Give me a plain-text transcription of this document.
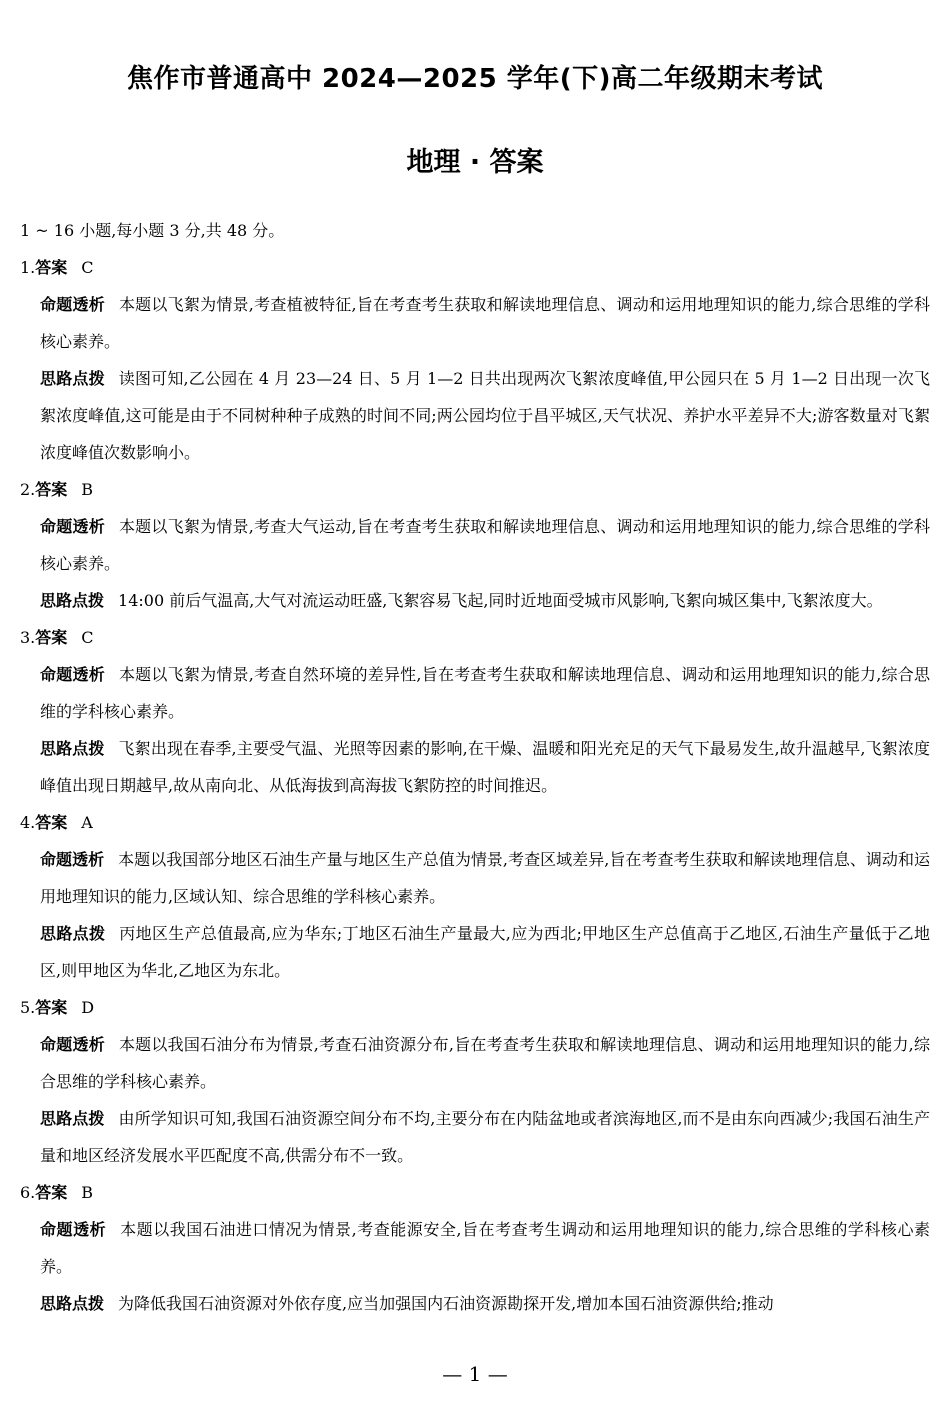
焦作市普通高中 2024—2025 学年(下)高二年级期末考试
地理 · 答案
1 ~ 16 小题,每小题 3 分,共 48 分。
1.答案 C
命题透析 本题以飞絮为情景,考查植被特征,旨在考查考生获取和解读地理信息、调动和运用地理知识的能力,综合思维的学科核心素养。
思路点拨 读图可知,乙公园在 4 月 23—24 日、5 月 1—2 日共出现两次飞絮浓度峰值,甲公园只在 5 月 1—2 日出现一次飞絮浓度峰值,这可能是由于不同树种种子成熟的时间不同;两公园均位于昌平城区,天气状况、养护水平差异不大;游客数量对飞絮浓度峰值次数影响小。
2.答案 B
命题透析 本题以飞絮为情景,考查大气运动,旨在考查考生获取和解读地理信息、调动和运用地理知识的能力,综合思维的学科核心素养。
思路点拨 14:00 前后气温高,大气对流运动旺盛,飞絮容易飞起,同时近地面受城市风影响,飞絮向城区集中,飞絮浓度大。
3.答案 C
命题透析 本题以飞絮为情景,考查自然环境的差异性,旨在考查考生获取和解读地理信息、调动和运用地理知识的能力,综合思维的学科核心素养。
思路点拨 飞絮出现在春季,主要受气温、光照等因素的影响,在干燥、温暖和阳光充足的天气下最易发生,故升温越早,飞絮浓度峰值出现日期越早,故从南向北、从低海拔到高海拔飞絮防控的时间推迟。
4.答案 A
命题透析 本题以我国部分地区石油生产量与地区生产总值为情景,考查区域差异,旨在考查考生获取和解读地理信息、调动和运用地理知识的能力,区域认知、综合思维的学科核心素养。
思路点拨 丙地区生产总值最高,应为华东;丁地区石油生产量最大,应为西北;甲地区生产总值高于乙地区,石油生产量低于乙地区,则甲地区为华北,乙地区为东北。
5.答案 D
命题透析 本题以我国石油分布为情景,考查石油资源分布,旨在考查考生获取和解读地理信息、调动和运用地理知识的能力,综合思维的学科核心素养。
思路点拨 由所学知识可知,我国石油资源空间分布不均,主要分布在内陆盆地或者滨海地区,而不是由东向西减少;我国石油生产量和地区经济发展水平匹配度不高,供需分布不一致。
6.答案 B
命题透析 本题以我国石油进口情况为情景,考查能源安全,旨在考查考生调动和运用地理知识的能力,综合思维的学科核心素养。
思路点拨 为降低我国石油资源对外依存度,应当加强国内石油资源勘探开发,增加本国石油资源供给;推动
— 1 —
